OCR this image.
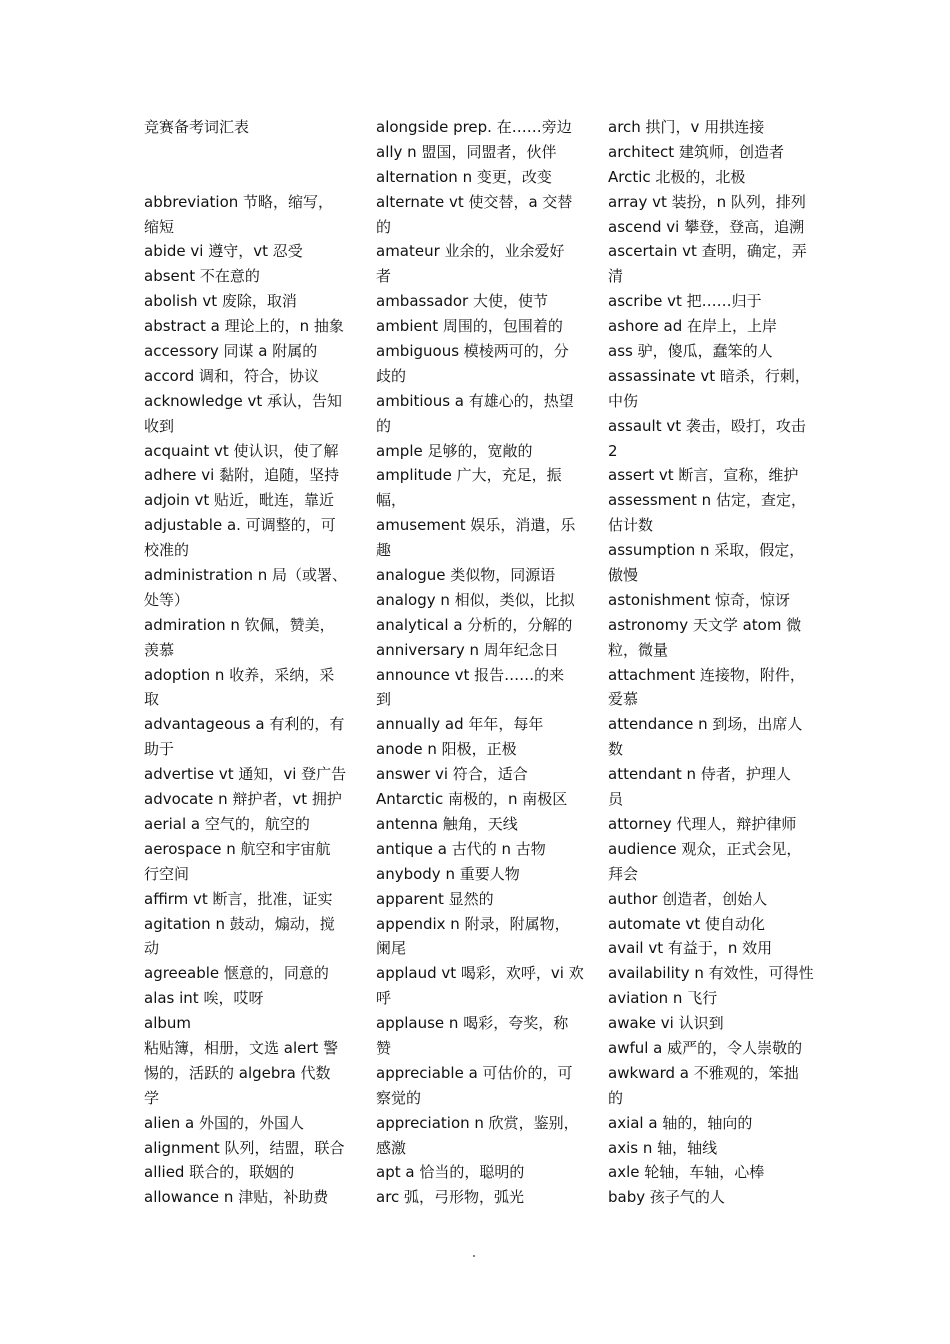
竞赛备考词汇表
abbreviation 节略，缩写，
缩短
abide vi 遵守，vt 忍受
absent 不在意的
abolish vt 废除，取消
abstract a 理论上的，n 抽象
accessory 同谋 a 附属的
accord 调和，符合，协议
acknowledge vt 承认，告知
收到
acquaint vt 使认识，使了解
adhere vi 黏附，追随，坚持
adjoin vt 贴近，毗连，靠近
adjustable a. 可调整的，可
校准的
administration n 局（或署、
处等）
admiration n 钦佩，赞美，
羡慕
adoption n 收养，采纳，采
取
advantageous a 有利的，有
助于
advertise vt 通知，vi 登广告
advocate n 辩护者，vt 拥护
aerial a 空气的，航空的
aerospace n 航空和宇宙航
行空间
affirm vt 断言，批准，证实
agitation n 鼓动，煽动，搅
动
agreeable 惬意的，同意的
alas int 唉，哎呀
album
粘贴簿，相册，文选 alert 警
惕的，活跃的 algebra 代数
学
alien a 外国的，外国人
alignment 队列，结盟，联合
allied 联合的，联姻的
allowance n 津贴，补助费
alongside prep. 在……旁边
ally n 盟国，同盟者，伙伴
alternation n 变更，改变
alternate vt 使交替，a 交替
的
amateur 业余的，业余爱好
者
ambassador 大使，使节
ambient 周围的，包围着的
ambiguous 模棱两可的，分
歧的
ambitious a 有雄心的，热望
的
ample 足够的，宽敞的
amplitude 广大，充足，振
幅，
amusement 娱乐，消遣，乐
趣
analogue 类似物，同源语
analogy n 相似，类似，比拟
analytical a 分析的，分解的
anniversary n 周年纪念日
announce vt 报告……的来
到
annually ad 年年，每年
anode n 阳极，正极
answer vi 符合，适合
Antarctic 南极的，n 南极区
antenna 触角，天线
antique a 古代的 n 古物
anybody n 重要人物
apparent 显然的
appendix n 附录，附属物，
阑尾
applaud vt 喝彩，欢呼，vi 欢
呼
applause n 喝彩，夸奖，称
赞
appreciable a 可估价的，可
察觉的
appreciation n 欣赏，鉴别，
感激
apt a 恰当的，聪明的
arc 弧，弓形物，弧光
arch 拱门，v 用拱连接
architect 建筑师，创造者
Arctic 北极的，北极
array vt 装扮，n 队列，排列
ascend vi 攀登，登高，追溯
ascertain vt 查明，确定，弄
清
ascribe vt 把……归于
ashore ad 在岸上，上岸
ass 驴，傻瓜，蠢笨的人
assassinate vt 暗杀，行刺，
中伤
assault vt 袭击，殴打，攻击
2
assert vt 断言，宣称，维护
assessment n 估定，查定，
估计数
assumption n 采取，假定，
傲慢
astonishment 惊奇，惊讶
astronomy 天文学 atom 微
粒，微量
attachment 连接物，附件，
爱慕
attendance n 到场，出席人
数
attendant n 侍者，护理人
员
attorney 代理人，辩护律师
audience 观众，正式会见，
拜会
author 创造者，创始人
automate vt 使自动化
avail vt 有益于，n 效用
availability n 有效性，可得性
aviation n 飞行
awake vi 认识到
awful a 威严的，令人崇敬的
awkward a 不雅观的，笨拙
的
axial a 轴的，轴向的
axis n 轴，轴线
axle 轮轴，车轴，心棒
baby 孩子气的人
